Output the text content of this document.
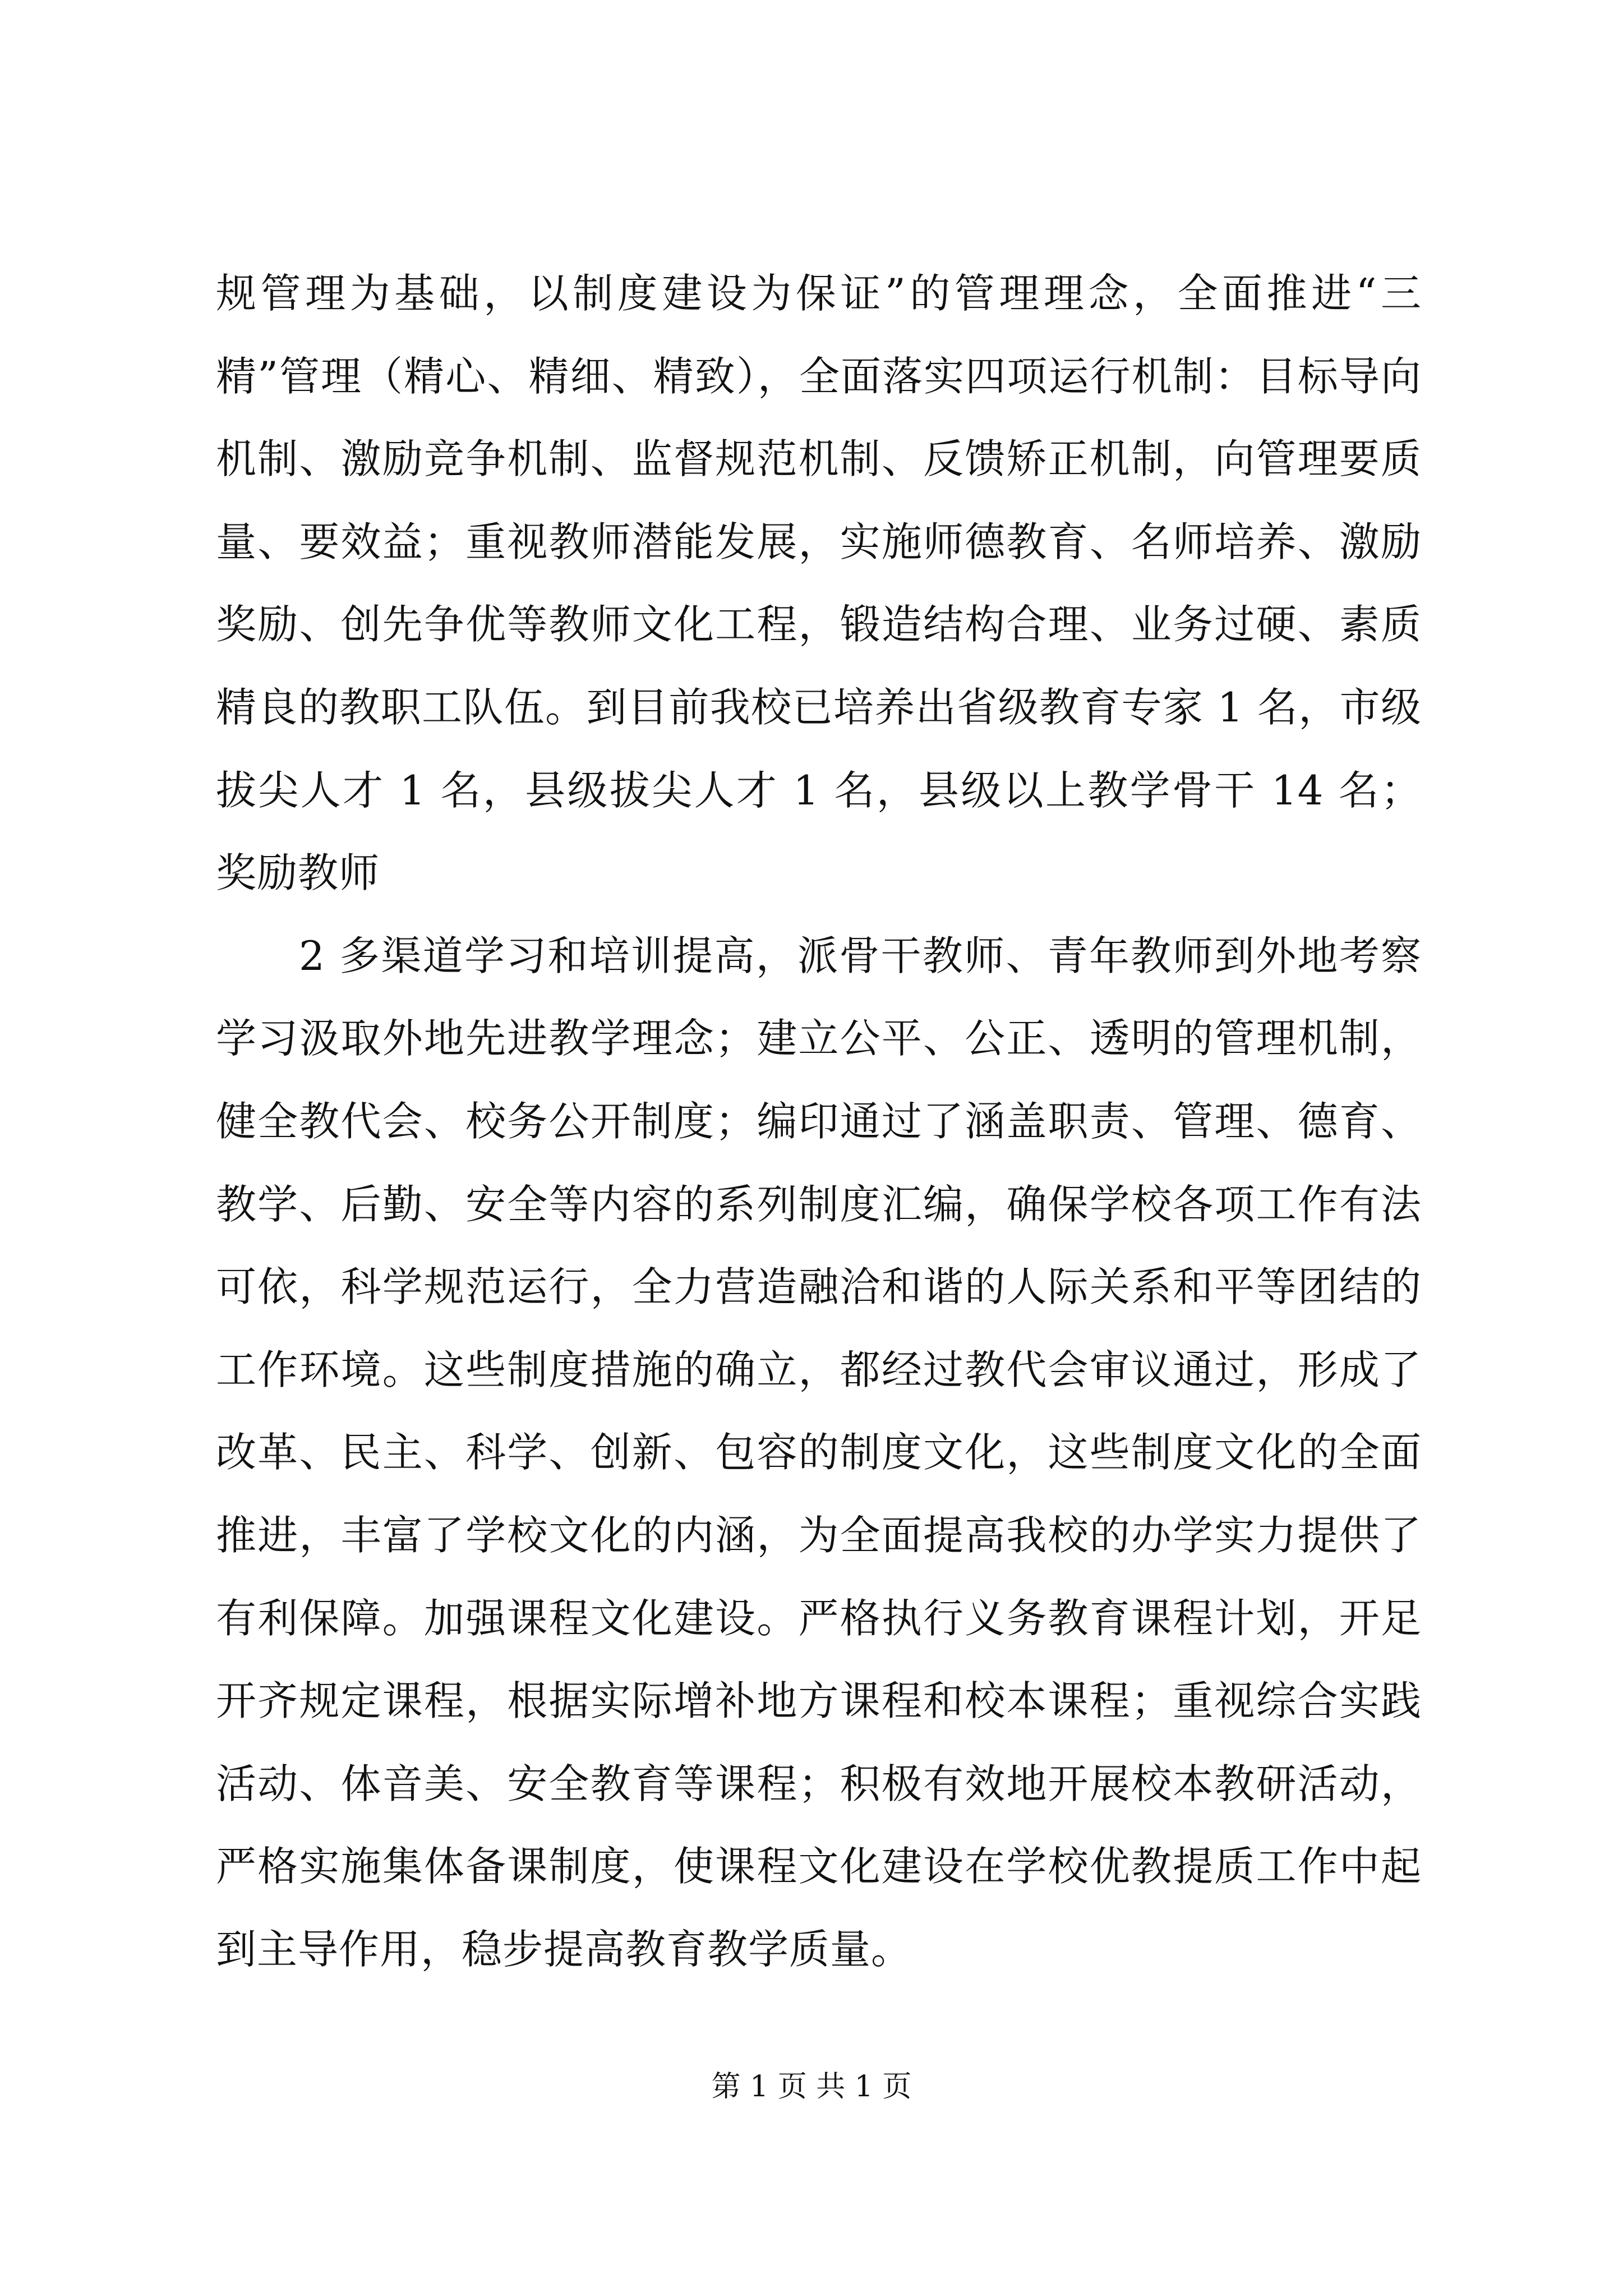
规管理为基础，以制度建设为保证”的管理理念，全面推进“三精”管理（精心、精细、精致），全面落实四项运行机制：目标导向机制、激励竞争机制、监督规范机制、反馈矫正机制，向管理要质量、要效益；重视教师潜能发展，实施师德教育、名师培养、激励奖励、创先争优等教师文化工程，锻造结构合理、业务过硬、素质精良的教职工队伍。到目前我校已培养出省级教育专家 1 名，市级拔尖人才 1 名，县级拔尖人才 1 名，县级以上教学骨干 14 名；奖励教师

2 多渠道学习和培训提高，派骨干教师、青年教师到外地考察学习汲取外地先进教学理念；建立公平、公正、透明的管理机制，健全教代会、校务公开制度；编印通过了涵盖职责、管理、德育、教学、后勤、安全等内容的系列制度汇编，确保学校各项工作有法可依，科学规范运行，全力营造融洽和谐的人际关系和平等团结的工作环境。这些制度措施的确立，都经过教代会审议通过，形成了改革、民主、科学、创新、包容的制度文化，这些制度文化的全面推进，丰富了学校文化的内涵，为全面提高我校的办学实力提供了有利保障。加强课程文化建设。严格执行义务教育课程计划，开足开齐规定课程，根据实际增补地方课程和校本课程；重视综合实践活动、体音美、安全教育等课程；积极有效地开展校本教研活动，严格实施集体备课制度，使课程文化建设在学校优教提质工作中起到主导作用，稳步提高教育教学质量。

第 1 页 共 1 页
